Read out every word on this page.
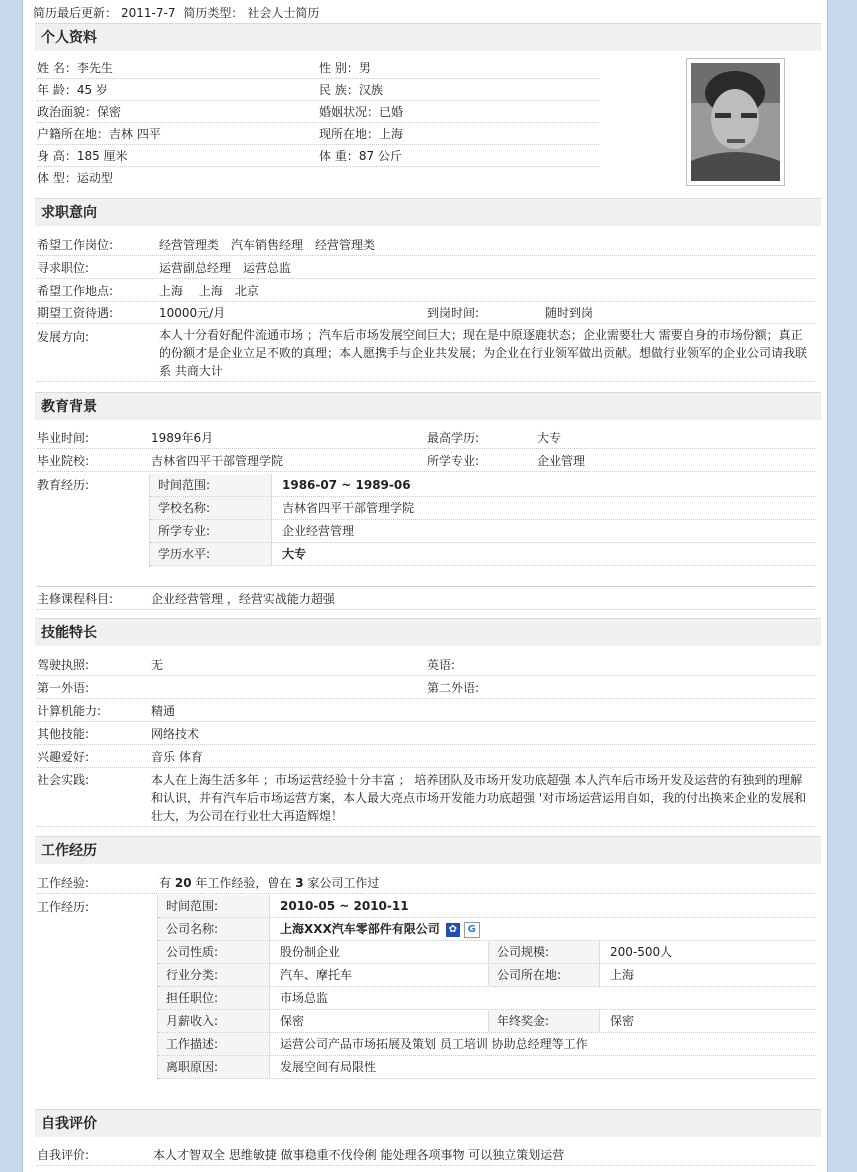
简历最后更新： 2011-7-7 简历类型： 社会人士简历
个人资料
姓 名：李先生	性 别：男
年 龄：45 岁	民 族：汉族
政治面貌：保密	婚姻状况：已婚
户籍所在地：吉林 四平	现所在地：上海
身 高：185 厘米	体 重：87 公斤
体 型：运动型
求职意向
希望工作岗位:	经营管理类　汽车销售经理　经营管理类
寻求职位:	运营副总经理　运营总监
希望工作地点:	上海　 上海　北京
期望工资待遇:	10000元/月	到岗时间:	随时到岗
发展方向:	本人十分看好配件流通市场 ；汽车后市场发展空间巨大；现在是中原逐鹿状态；企业需要壮大 需要自身的市场份额；真正的份额才是企业立足不败的真理；本人愿携手与企业共发展；为企业在行业领军做出贡献。想做行业领军的企业公司请我联系 共商大计
教育背景
毕业时间:	1989年6月	最高学历:	大专
毕业院校:	吉林省四平干部管理学院	所学专业:	企业管理
教育经历:	时间范围:	1986-07 ~ 1989-06
学校名称:	吉林省四平干部管理学院
所学专业:	企业经营管理
学历水平:	大专
主修课程科目:	企业经营管理 ，经营实战能力超强
技能特长
驾驶执照:	无	英语:
第一外语:	第二外语:
计算机能力:	精通
其他技能:	网络技术
兴趣爱好:	音乐 体育
社会实践:	本人在上海生活多年 ；市场运营经验十分丰富 ； 培养团队及市场开发功底超强 本人汽车后市场开发及运营的有独到的理解和认识，并有汽车后市场运营方案，本人最大亮点市场开发能力功底超强 '对市场运营运用自如，我的付出换来企业的发展和壮大，为公司在行业壮大再造辉煌！
工作经历
工作经验:	有 20 年工作经验，曾在 3 家公司工作过
工作经历:	时间范围:	2010-05 ~ 2010-11
公司名称:	上海XXX汽车零部件有限公司 ✿ G
公司性质:	股份制企业	公司规模:	200-500人
行业分类:	汽车、摩托车	公司所在地:	上海
担任职位:	市场总监
月薪收入:	保密	年终奖金:	保密
工作描述:	运营公司产品市场拓展及策划 员工培训 协助总经理等工作
离职原因:	发展空间有局限性
自我评价
自我评价:	本人才智双全 思维敏捷 做事稳重不伐伶俐 能处理各项事物 可以独立策划运营
